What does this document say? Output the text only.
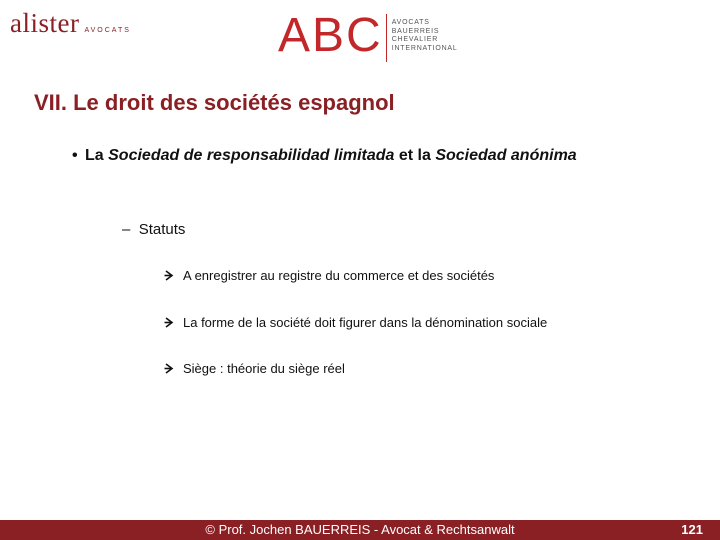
alister AVOCATS	ABC AVOCATS
BAUERREIS
CHEVALIER
INTERNATIONAL
VII. Le droit des sociétés espagnol
• La Sociedad de responsabilidad limitada et la Sociedad anónima
– Statuts
A enregistrer au registre du commerce et des sociétés
La forme de la société doit figurer dans la dénomination sociale
Siège : théorie du siège réel
© Prof. Jochen BAUERREIS - Avocat & Rechtsanwalt	121
